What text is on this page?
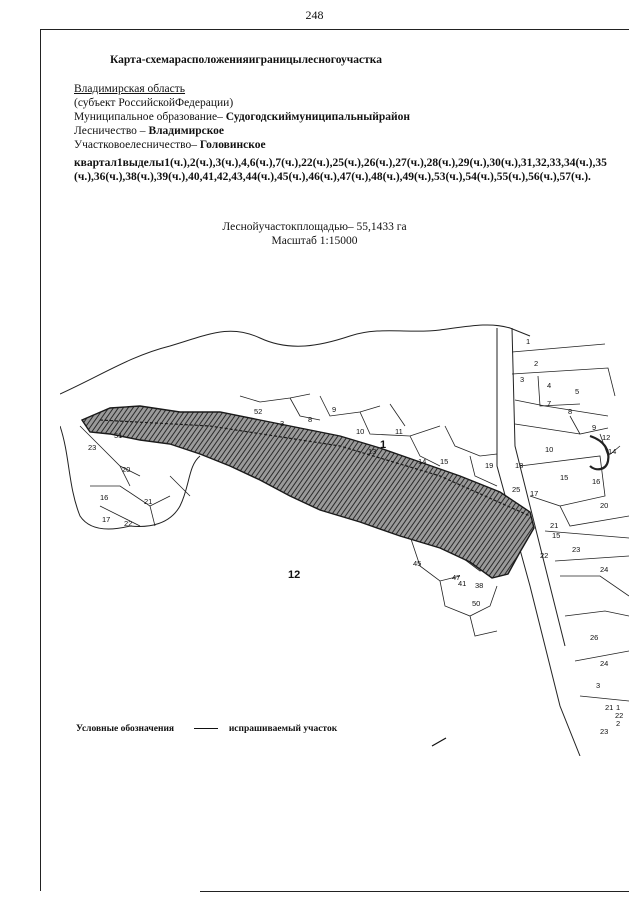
248
Карта-схемарасположенияиграницылесногоучастка
Владимирская область
(субъект РоссийскойФедерации)
Муниципальное образование– Судогодскиймуниципальныйрайон
Лесничество – Владимирское
Участковоелесничество– Головинское
квартал1выделы1(ч.),2(ч.),3(ч.),4,6(ч.),7(ч.),22(ч.),25(ч.),26(ч.),27(ч.),28(ч.),29(ч.),30(ч.),31,32,33,34(ч.),35(ч.),36(ч.),38(ч.),39(ч.),40,41,42,43,44(ч.),45(ч.),46(ч.),47(ч.),48(ч.),49(ч.),53(ч.),54(ч.),55(ч.),56(ч.),57(ч.).
Леснойучастокплощадью– 55,1433 га
Масштаб 1:15000
1
12
1
2
3
4
5
7
8
9
10
12
14
15	16
17
18
19
20
21
22
23
24
25
26
38
41
45
47
50
51
52
3	8
9
10	11
13
14 15
16
17
20
21
22
23
24
1
2
3
21
22
23
15
Условные обозначения	испрашиваемый участок
